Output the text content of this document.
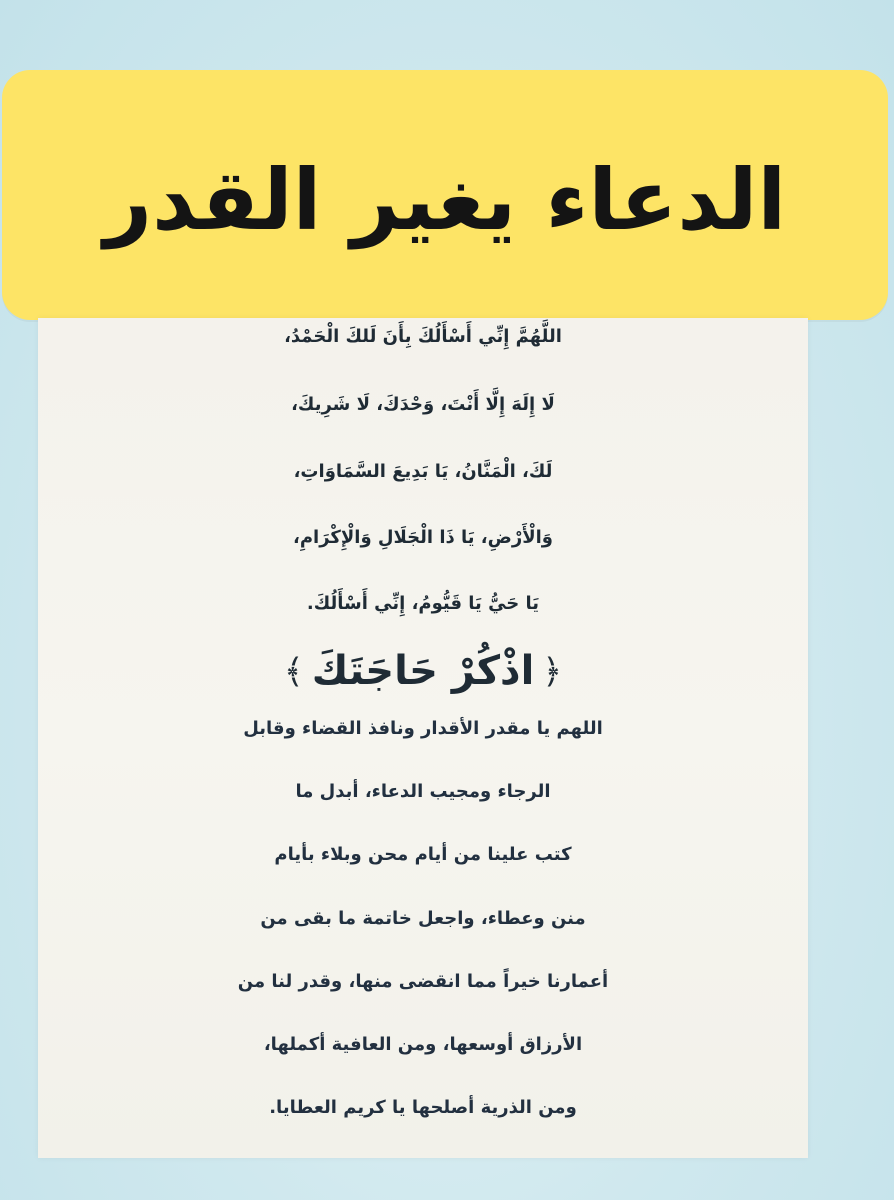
الدعاء يغير القدر
اللَّهُمَّ إِنِّي أَسْأَلُكَ بِأَنَ لَلكَ الْحَمْدُ،
لَا إِلَهَ إِلَّا أَنْتَ، وَحْدَكَ، لَا شَرِيكَ،
لَكَ، الْمَنَّانُ، يَا بَدِيعَ السَّمَاوَاتِ،
وَالْأَرْضِ، يَا ذَا الْجَلَالِ وَالْإِكْرَامِ،
يَا حَيُّ يَا قَيُّومُ، إِنِّي أَسْأَلُكَ.
﴿
اذْكُرْ حَاجَتَكَ
﴾
اللهم يا مقدر الأقدار ونافذ القضاء وقابل
الرجاء ومجيب الدعاء، أبدل ما
كتب علينا من أيام محن وبلاء بأيام
منن وعطاء، واجعل خاتمة ما بقى من
أعمارنا خيراً مما انقضى منها، وقدر لنا من
الأرزاق أوسعها، ومن العافية أكملها،
ومن الذرية أصلحها يا كريم العطايا.
